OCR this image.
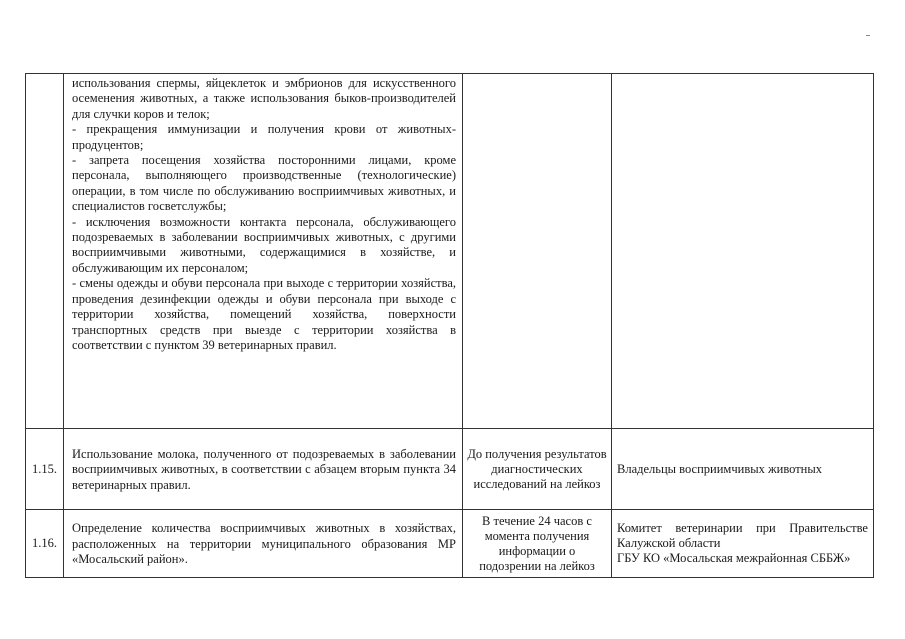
	использования спермы, яйцеклеток и эмбрионов для искусственного осеменения животных, а также использования быков-производителей для случки коров и телок;

- прекращения иммунизации и получения крови от животных-продуцентов;

- запрета посещения хозяйства посторонними лицами, кроме персонала, выполняющего производственные (технологические) операции, в том числе по обслуживанию восприимчивых животных, и специалистов госветслужбы;

- исключения возможности контакта персонала, обслуживающего подозреваемых в заболевании восприимчивых животных, с другими восприимчивыми животными, содержащимися в хозяйстве, и обслуживающим их персоналом;

- смены одежды и обуви персонала при выходе с территории хозяйства, проведения дезинфекции одежды и обуви персонала при выходе с территории хозяйства, помещений хозяйства, поверхности транспортных средств при выезде с территории хозяйства в соответствии с пунктом 39 ветеринарных правил.		

1.15.	Использование молока, полученного от подозреваемых в заболевании восприимчивых животных, в соответствии с абзацем вторым пункта 34 ветеринарных правил.	До получения результатов диагностических исследований на лейкоз	Владельцы восприимчивых животных
1.16.	Определение количества восприимчивых животных в хозяйствах, расположенных на территории муниципального образования МР «Мосальский район».	В течение 24 часов с момента получения информации о подозрении на лейкоз	Комитет ветеринарии при Правительстве Калужской области
ГБУ КО «Мосальская межрайонная СББЖ»
